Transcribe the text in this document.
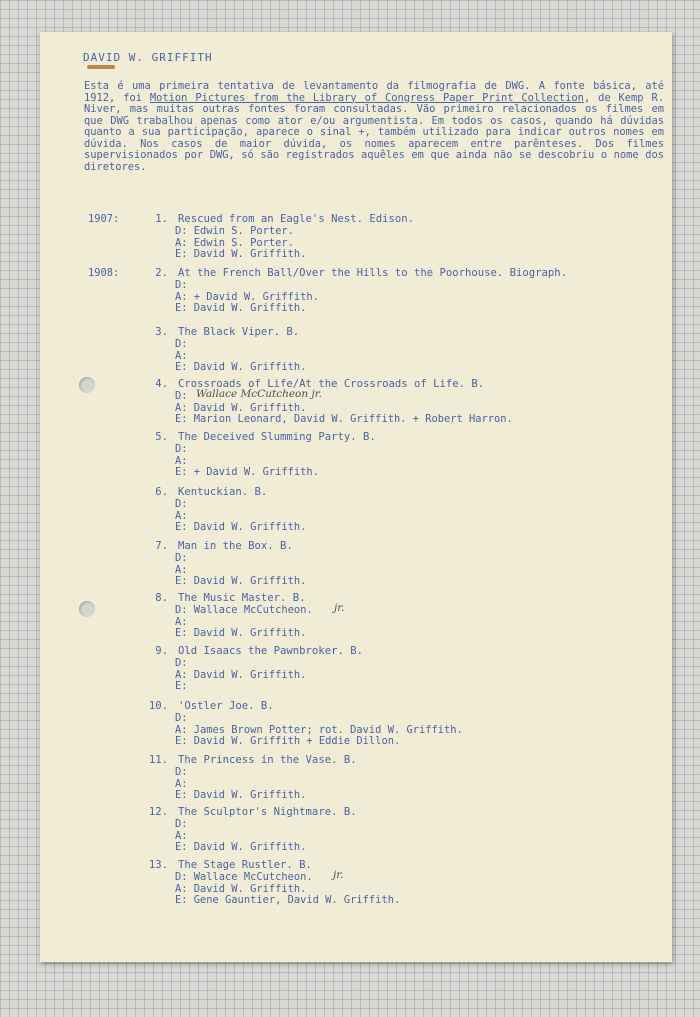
DAVID W. GRIFFITH
Esta é uma primeira tentativa de levantamento da filmografia de DWG. A fonte básica, até 1912, foi Motion Pictures from the Library of Congress Paper Print Collection, de Kemp R. Niver, mas muitas outras fontes foram consultadas. Vão primeiro relacionados os filmes em que DWG trabalhou apenas como ator e/ou argumentista. Em todos os casos, quando há dúvidas quanto a sua participação, aparece o sinal +, também utilizado para indicar outros nomes em dúvida. Nos casos de maior dúvida, os nomes aparecem entre parênteses. Dos filmes supervisionados por DWG, só são registrados aquêles em que ainda não se descobriu o nome dos diretores.
1907:
1908:
1. Rescued from an Eagle's Nest. Edison.
D: Edwin S. Porter.
A: Edwin S. Porter.
E: David W. Griffith.
2. At the French Ball/Over the Hills to the Poorhouse. Biograph.
D:
A: + David W. Griffith.
E: David W. Griffith.
3. The Black Viper. B.
D:
A:
E: David W. Griffith.
4. Crossroads of Life/At the Crossroads of Life. B.
D:
A: David W. Griffith.
E: Marion Leonard, David W. Griffith. + Robert Harron.
5. The Deceived Slumming Party. B.
D:
A:
E: + David W. Griffith.
6. Kentuckian. B.
D:
A:
E: David W. Griffith.
7. Man in the Box. B.
D:
A:
E: David W. Griffith.
8. The Music Master. B.
D: Wallace McCutcheon.
A:
E: David W. Griffith.
9. Old Isaacs the Pawnbroker. B.
D:
A: David W. Griffith.
E:
10. 'Ostler Joe. B.
D:
A: James Brown Potter; rot. David W. Griffith.
E: David W. Griffith + Eddie Dillon.
11. The Princess in the Vase. B.
D:
A:
E: David W. Griffith.
12. The Sculptor's Nightmare. B.
D:
A:
E: David W. Griffith.
13. The Stage Rustler. B.
D: Wallace McCutcheon.
A: David W. Griffith.
E: Gene Gauntier, David W. Griffith.
Wallace McCutcheon jr.
jr.
jr.
